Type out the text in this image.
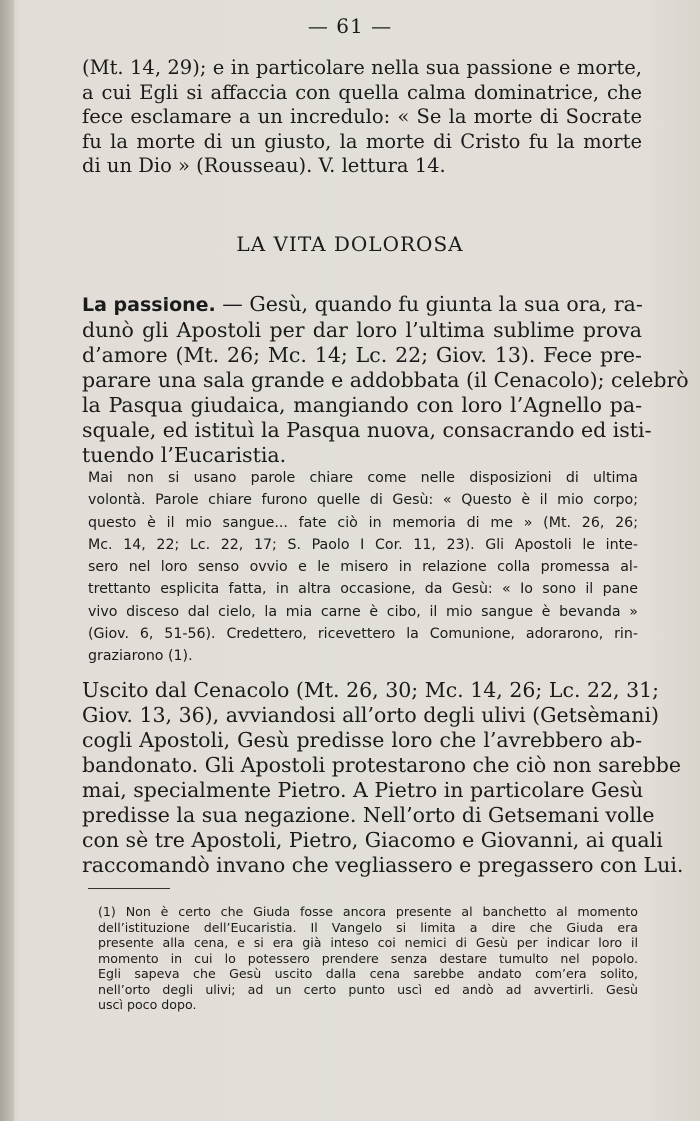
— 61 —
(Mt. 14, 29); e in particolare nella sua passione e morte,
a cui Egli si affaccia con quella calma dominatrice, che
fece esclamare a un incredulo: « Se la morte di Socrate
fu la morte di un giusto, la morte di Cristo fu la morte
di un Dio » (Rousseau). V. lettura 14.
LA VITA DOLOROSA
La passione. — Gesù, quando fu giunta la sua ora, ra-
dunò gli Apostoli per dar loro l’ultima sublime prova
d’amore (Mt. 26; Mc. 14; Lc. 22; Giov. 13). Fece pre-
parare una sala grande e addobbata (il Cenacolo); celebrò
la Pasqua giudaica, mangiando con loro l’Agnello pa-
squale, ed istituì la Pasqua nuova, consacrando ed isti-
tuendo l’Eucaristia.
Mai non si usano parole chiare come nelle disposizioni di ultima
volontà. Parole chiare furono quelle di Gesù: « Questo è il mio corpo;
questo è il mio sangue... fate ciò in memoria di me » (Mt. 26, 26;
Mc. 14, 22; Lc. 22, 17; S. Paolo I Cor. 11, 23). Gli Apostoli le inte-
sero nel loro senso ovvio e le misero in relazione colla promessa al-
trettanto esplicita fatta, in altra occasione, da Gesù: « Io sono il pane
vivo disceso dal cielo, la mia carne è cibo, il mio sangue è bevanda »
(Giov. 6, 51-56). Credettero, ricevettero la Comunione, adorarono, rin-
graziarono (1).
Uscito dal Cenacolo (Mt. 26, 30; Mc. 14, 26; Lc. 22, 31;
Giov. 13, 36), avviandosi all’orto degli ulivi (Getsèmani)
cogli Apostoli, Gesù predisse loro che l’avrebbero ab-
bandonato. Gli Apostoli protestarono che ciò non sarebbe
mai, specialmente Pietro. A Pietro in particolare Gesù
predisse la sua negazione. Nell’orto di Getsemani volle
con sè tre Apostoli, Pietro, Giacomo e Giovanni, ai quali
raccomandò invano che vegliassero e pregassero con Lui.
(1) Non è certo che Giuda fosse ancora presente al banchetto al momento
dell’istituzione dell’Eucaristia. Il Vangelo si limita a dire che Giuda era
presente alla cena, e si era già inteso coi nemici di Gesù per indicar loro il
momento in cui lo potessero prendere senza destare tumulto nel popolo.
Egli sapeva che Gesù uscito dalla cena sarebbe andato com’era solito,
nell’orto degli ulivi; ad un certo punto uscì ed andò ad avvertirli. Gesù
uscì poco dopo.
